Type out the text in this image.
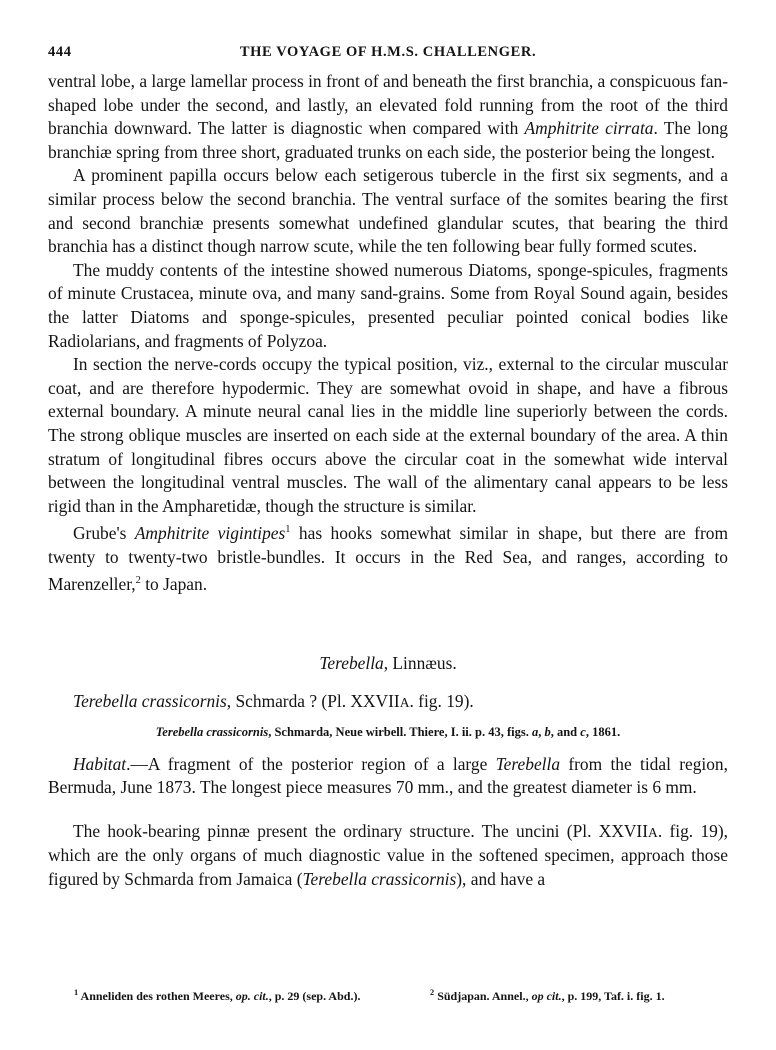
444	THE VOYAGE OF H.M.S. CHALLENGER.

ventral lobe, a large lamellar process in front of and beneath the first branchia, a conspicuous fan-shaped lobe under the second, and lastly, an elevated fold running from the root of the third branchia downward. The latter is diagnostic when compared with Amphitrite cirrata. The long branchiæ spring from three short, graduated trunks on each side, the posterior being the longest.

A prominent papilla occurs below each setigerous tubercle in the first six segments, and a similar process below the second branchia. The ventral surface of the somites bearing the first and second branchiæ presents somewhat undefined glandular scutes, that bearing the third branchia has a distinct though narrow scute, while the ten following bear fully formed scutes.

The muddy contents of the intestine showed numerous Diatoms, sponge-spicules, fragments of minute Crustacea, minute ova, and many sand-grains. Some from Royal Sound again, besides the latter Diatoms and sponge-spicules, presented peculiar pointed conical bodies like Radiolarians, and fragments of Polyzoa.

In section the nerve-cords occupy the typical position, viz., external to the circular muscular coat, and are therefore hypodermic. They are somewhat ovoid in shape, and have a fibrous external boundary. A minute neural canal lies in the middle line superiorly between the cords. The strong oblique muscles are inserted on each side at the external boundary of the area. A thin stratum of longitudinal fibres occurs above the circular coat in the somewhat wide interval between the longitudinal ventral muscles. The wall of the alimentary canal appears to be less rigid than in the Ampharetidæ, though the structure is similar.

Grube's Amphitrite vigintipes$^1$ has hooks somewhat similar in shape, but there are from twenty to twenty-two bristle-bundles. It occurs in the Red Sea, and ranges, according to Marenzeller,$^2$ to Japan.

Terebella, Linnæus.
Terebella crassicornis, Schmarda ? (Pl. XXVIIA. fig. 19).
Terebella crassicornis, Schmarda, Neue wirbell. Thiere, I. ii. p. 43, figs. a, b, and c, 1861.

Habitat.—A fragment of the posterior region of a large Terebella from the tidal region, Bermuda, June 1873. The longest piece measures 70 mm., and the greatest diameter is 6 mm.

The hook-bearing pinnæ present the ordinary structure. The uncini (Pl. XXVIIA. fig. 19), which are the only organs of much diagnostic value in the softened specimen, approach those figured by Schmarda from Jamaica (Terebella crassicornis), and have a

$^1$ Anneliden des rothen Meeres, op. cit., p. 29 (sep. Abd.).	$^2$ Südjapan. Annel., op cit., p. 199, Taf. i. fig. 1.
